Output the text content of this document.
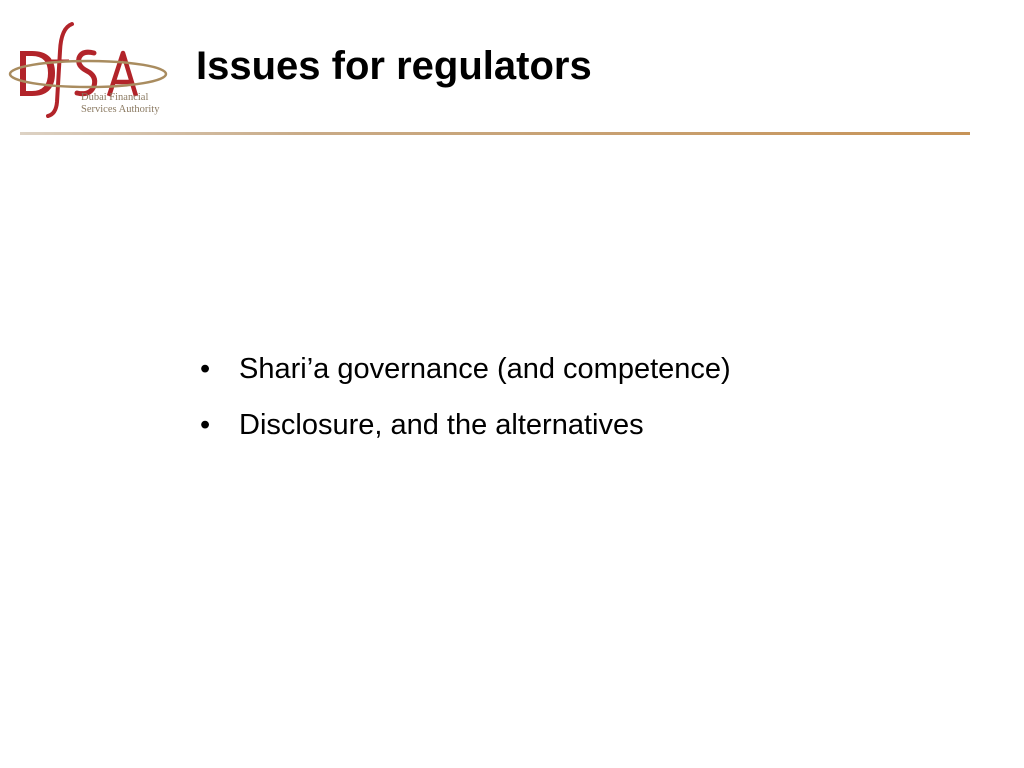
Dubai Financial
Services Authority
Issues for regulators
• Shari’a governance (and competence)
• Disclosure, and the alternatives
